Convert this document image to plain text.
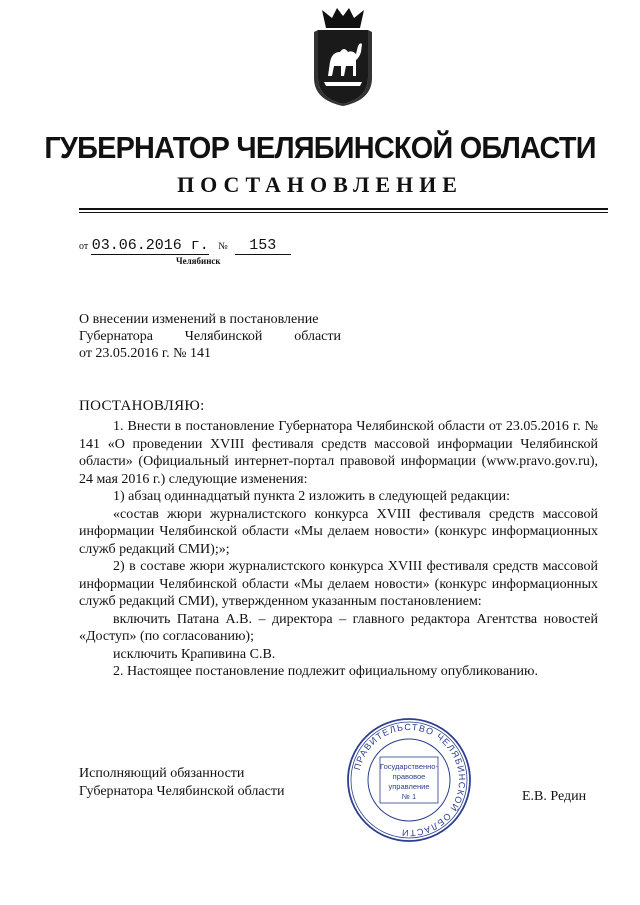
ГУБЕРНАТОР ЧЕЛЯБИНСКОЙ ОБЛАСТИ
ПОСТАНОВЛЕНИЕ
от 03.06.2016 г. № 153
Челябинск
О внесении изменений в постановление
Губернатора Челябинской области
от 23.05.2016 г. № 141
ПОСТАНОВЛЯЮ:

1. Внести в постановление Губернатора Челябинской области от 23.05.2016 г. № 141 «О проведении XVIII фестиваля средств массовой информации Челябинской области» (Официальный интернет-портал правовой информации (www.pravo.gov.ru), 24 мая 2016 г.) следующие изменения:

1) абзац одиннадцатый пункта 2 изложить в следующей редакции:

«состав жюри журналистского конкурса XVIII фестиваля средств массовой информации Челябинской области «Мы делаем новости» (конкурс информационных служб редакций СМИ);»;

2) в составе жюри журналистского конкурса XVIII фестиваля средств массовой информации Челябинской области «Мы делаем новости» (конкурс информационных служб редакций СМИ), утвержденном указанным постановлением:

включить Патана А.В. – директора – главного редактора Агентства новостей «Доступ» (по согласованию);

исключить Крапивина С.В.

2. Настоящее постановление подлежит официальному опубликованию.

Исполняющий обязанности
Губернатора Челябинской области	Е.В. Редин
ПРАВИТЕЛЬСТВО ЧЕЛЯБИНСКОЙ ОБЛАСТИ
Государственно-
правовое
управление
№ 1
